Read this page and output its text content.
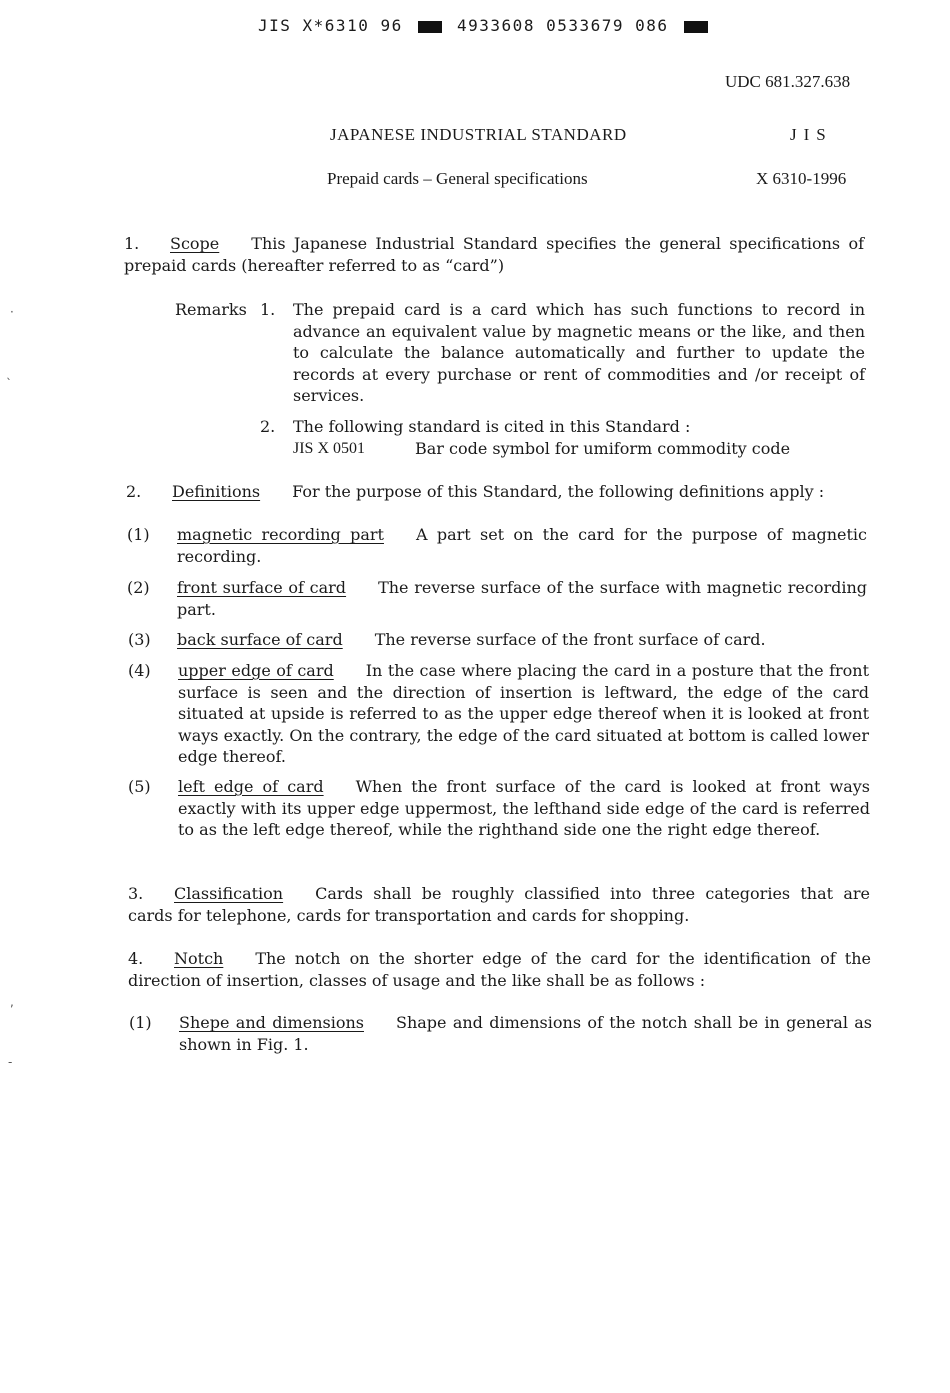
JIS X*6310 96	4933608 0533679 086
UDC 681.327.638
JAPANESE INDUSTRIAL STANDARD	JIS
Prepaid cards – General specifications	X 6310-1996
1. Scope This Japanese Industrial Standard specifies the general specifications of prepaid cards (hereafter referred to as “card”)
Remarks 1. The prepaid card is a card which has such functions to record in advance an equivalent value by magnetic means or the like, and then to calculate the balance automatically and further to update the records at every purchase or rent of commodities and ∕or receipt of services.
2. The following standard is cited in this Standard :
JIS X 0501	Bar code symbol for umiform commodity code
2. Definitions For the purpose of this Standard, the following definitions apply :
(1) magnetic recording part A part set on the card for the purpose of magnetic recording.
(2) front surface of card The reverse surface of the surface with magnetic recording part.
(3) back surface of card The reverse surface of the front surface of card.
(4) upper edge of card In the case where placing the card in a posture that the front surface is seen and the direction of insertion is leftward, the edge of the card situated at upside is referred to as the upper edge thereof when it is looked at front ways exactly. On the contrary, the edge of the card situated at bottom is called lower edge thereof.
(5) left edge of card When the front surface of the card is looked at front ways exactly with its upper edge uppermost, the lefthand side edge of the card is referred to as the left edge thereof, while the righthand side one the right edge thereof.
3. Classification Cards shall be roughly classified into three categories that are cards for telephone, cards for transportation and cards for shopping.
4. Notch The notch on the shorter edge of the card for the identification of the direction of insertion, classes of usage and the like shall be as follows :
(1) Shepe and dimensions Shape and dimensions of the notch shall be in general as shown in Fig. 1.
·
ˎ
,
‐
